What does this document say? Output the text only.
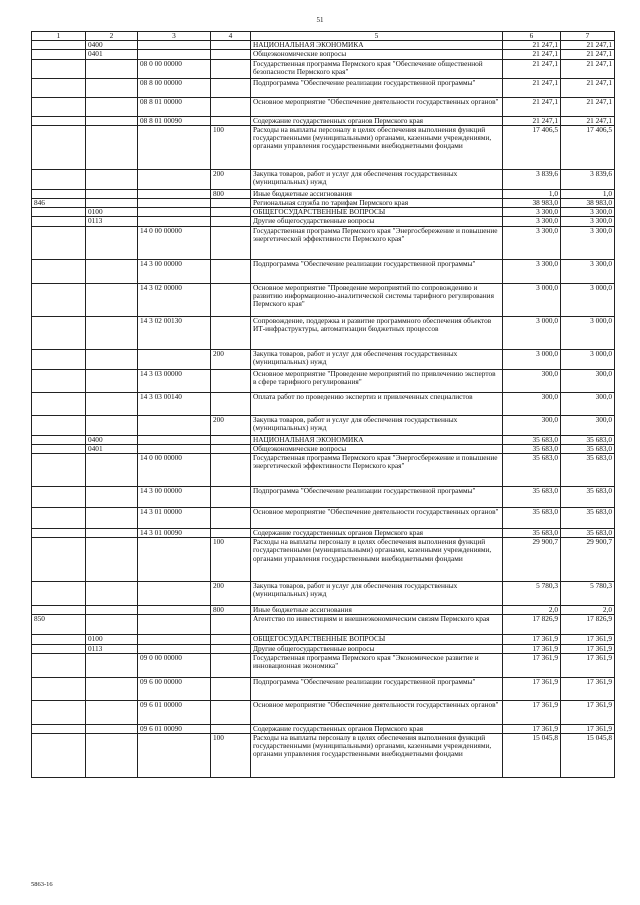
51
1	2	3	4	5	6	7
	0400			НАЦИОНАЛЬНАЯ ЭКОНОМИКА	21 247,1	21 247,1
	0401			Общеэкономические вопросы	21 247,1	21 247,1
		08 0 00 00000		Государственная программа Пермского края "Обеспечение общественной безопасности Пермского края"	21 247,1	21 247,1
		08 8 00 00000		Подпрограмма "Обеспечение реализации государственной программы"	21 247,1	21 247,1
		08 8 01 00000		Основное мероприятие "Обеспечение деятельности государственных органов"	21 247,1	21 247,1
		08 8 01 00090		Содержание государственных органов Пермского края	21 247,1	21 247,1
			100	Расходы на выплаты персоналу в целях обеспечения выполнения функций государственными (муниципальными) органами, казенными учреждениями, органами управления государственными внебюджетными фондами	17 406,5	17 406,5
			200	Закупка товаров, работ и услуг для обеспечения государственных (муниципальных) нужд	3 839,6	3 839,6
			800	Иные бюджетные ассигнования	1,0	1,0
846				Региональная служба по тарифам Пермского края	38 983,0	38 983,0
	0100			ОБЩЕГОСУДАРСТВЕННЫЕ ВОПРОСЫ	3 300,0	3 300,0
	0113			Другие общегосударственные вопросы	3 300,0	3 300,0
		14 0 00 00000		Государственная программа Пермского края "Энергосбережение и повышение энергетической эффективности Пермского края"	3 300,0	3 300,0
		14 3 00 00000		Подпрограмма "Обеспечение реализации государственной программы"	3 300,0	3 300,0
		14 3 02 00000		Основное мероприятие "Проведение мероприятий по сопровождению и развитию информационно-аналитической системы тарифного регулирования Пермского края"	3 000,0	3 000,0
		14 3 02 00130		Сопровождение, поддержка и развитие программного обеспечения объектов ИТ-инфраструктуры, автоматизации бюджетных процессов	3 000,0	3 000,0
			200	Закупка товаров, работ и услуг для обеспечения государственных (муниципальных) нужд	3 000,0	3 000,0
		14 3 03 00000		Основное мероприятие "Проведение мероприятий по привлечению экспертов в сфере тарифного регулирования"	300,0	300,0
		14 3 03 00140		Оплата работ по проведению экспертиз и привлеченных специалистов	300,0	300,0
			200	Закупка товаров, работ и услуг для обеспечения государственных (муниципальных) нужд	300,0	300,0
	0400			НАЦИОНАЛЬНАЯ ЭКОНОМИКА	35 683,0	35 683,0
	0401			Общеэкономические вопросы	35 683,0	35 683,0
		14 0 00 00000		Государственная программа Пермского края "Энергосбережение и повышение энергетической эффективности Пермского края"	35 683,0	35 683,0
		14 3 00 00000		Подпрограмма "Обеспечение реализации государственной программы"	35 683,0	35 683,0
		14 3 01 00000		Основное мероприятие "Обеспечение деятельности государственных органов"	35 683,0	35 683,0
		14 3 01 00090		Содержание государственных органов Пермского края	35 683,0	35 683,0
			100	Расходы на выплаты персоналу в целях обеспечения выполнения функций государственными (муниципальными) органами, казенными учреждениями, органами управления государственными внебюджетными фондами	29 900,7	29 900,7
			200	Закупка товаров, работ и услуг для обеспечения государственных (муниципальных) нужд	5 780,3	5 780,3
			800	Иные бюджетные ассигнования	2,0	2,0
850				Агентство по инвестициям и внешнеэкономическим связям Пермского края	17 826,9	17 826,9
	0100			ОБЩЕГОСУДАРСТВЕННЫЕ ВОПРОСЫ	17 361,9	17 361,9
	0113			Другие общегосударственные вопросы	17 361,9	17 361,9
		09 0 00 00000		Государственная программа Пермского края "Экономическое развитие и инновационная экономика"	17 361,9	17 361,9
		09 6 00 00000		Подпрограмма "Обеспечение реализации государственной программы"	17 361,9	17 361,9
		09 6 01 00000		Основное мероприятие "Обеспечение деятельности государственных органов"	17 361,9	17 361,9
		09 6 01 00090		Содержание государственных органов Пермского края	17 361,9	17 361,9
			100	Расходы на выплаты персоналу в целях обеспечения выполнения функций государственными (муниципальными) органами, казенными учреждениями, органами управления государственными внебюджетными фондами	15 045,8	15 045,8
5863-16
